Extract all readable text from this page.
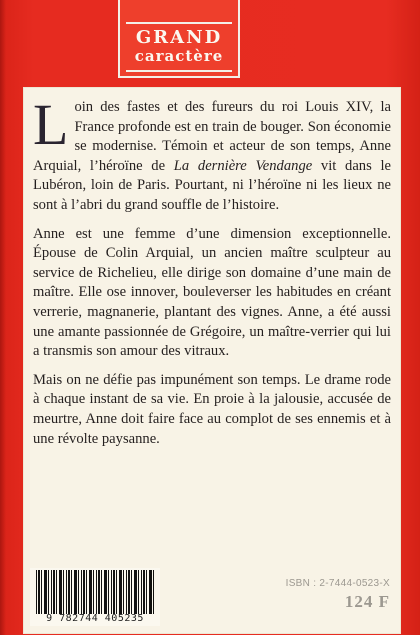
GRAND
caractère

Loin des fastes et des fureurs du roi Louis XIV, la France profonde est en train de bouger. Son économie se modernise. Témoin et acteur de son temps, Anne Arquial, l’héroïne de La dernière Vendange vit dans le Lubéron, loin de Paris. Pourtant, ni l’héroïne ni les lieux ne sont à l’abri du grand souffle de l’histoire.

Anne est une femme d’une dimension exceptionnelle. Épouse de Colin Arquial, un ancien maître sculpteur au service de Richelieu, elle dirige son domaine d’une main de maître. Elle ose innover, bouleverser les habitudes en créant verrerie, magnanerie, plantant des vignes. Anne, a été aussi une amante passionnée de Grégoire, un maître-verrier qui lui a transmis son amour des vitraux.

Mais on ne défie pas impunément son temps. Le drame rode à chaque instant de sa vie. En proie à la jalousie, accusée de meurtre, Anne doit faire face au complot de ses ennemis et à une révolte paysanne.

9 782744 405235
ISBN : 2-7444-0523-X
124 F
